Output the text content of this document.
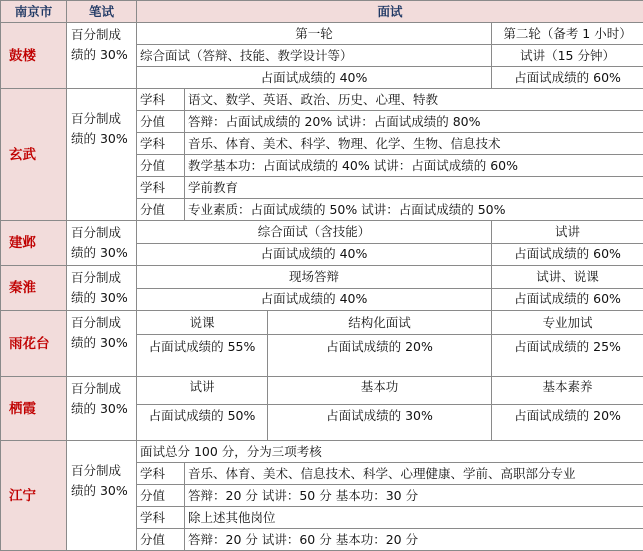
南京市	笔试	面试			
鼓楼	百分制成绩的 30%	第一轮			第二轮（备考 1 小时）
		综合面试（答辩、技能、教学设计等）			试讲（15 分钟）
		占面试成绩的 40%			占面试成绩的 60%
玄武	百分制成绩的 30%	学科	语文、数学、英语、政治、历史、心理、特教		
		分值	答辩：占面试成绩的 20% 试讲：占面试成绩的 80%		
		学科	音乐、体育、美术、科学、物理、化学、生物、信息技术		
		分值	教学基本功：占面试成绩的 40% 试讲：占面试成绩的 60%		
		学科	学前教育		
		分值	专业素质：占面试成绩的 50% 试讲：占面试成绩的 50%		
建邺	百分制成绩的 30%	综合面试（含技能）			试讲
		占面试成绩的 40%			占面试成绩的 60%
秦淮	百分制成绩的 30%	现场答辩			试讲、说课
		占面试成绩的 40%			占面试成绩的 60%
雨花台	百分制成绩的 30%	说课		结构化面试	专业加试
		占面试成绩的 55%		占面试成绩的 20%	占面试成绩的 25%

栖霞	百分制成绩的 30%	试讲		基本功	基本素养
		占面试成绩的 50%		占面试成绩的 30%	占面试成绩的 20%

江宁	百分制成绩的 30%	面试总分 100 分，分为三项考核			
		学科	音乐、体育、美术、信息技术、科学、心理健康、学前、高职部分专业		
		分值	答辩：20 分 试讲：50 分 基本功：30 分		
		学科	除上述其他岗位		
		分值	答辩：20 分 试讲：60 分 基本功：20 分		
